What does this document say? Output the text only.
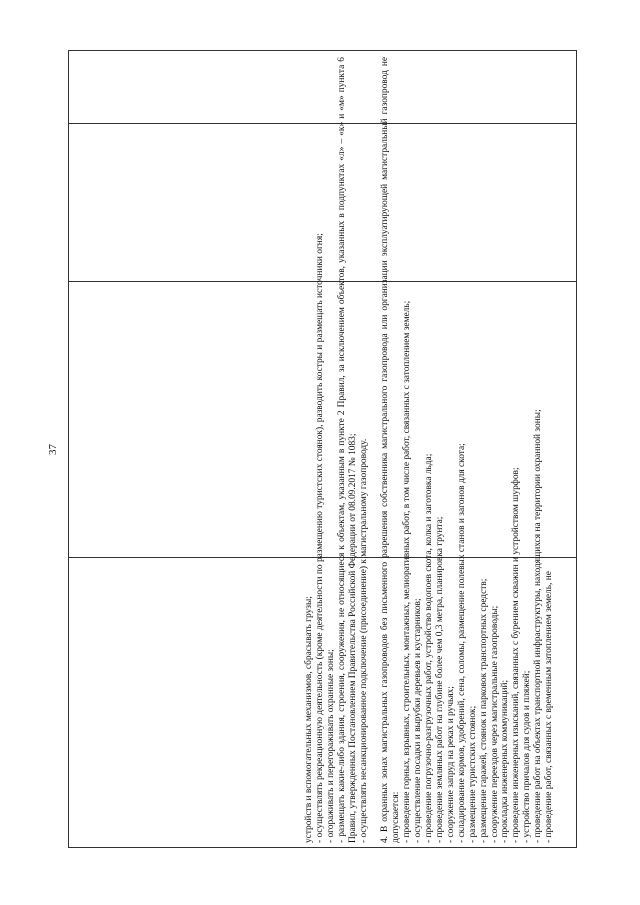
37

устройств и вспомогательных механизмов, сбрасывать грузы; - осуществлять рекреационную деятельность (кроме деятельности по размещению туристских стоянок), разводить костры и размещать источники огня; - огораживать и перегораживать охранные зоны; - размещать какие-либо здания, строения, сооружения, не относящиеся к объектам, указанным в пункте 2 Правил, за исключением объектов, указанных в подпунктах «л» – «к» и «м» пункта 6 Правил, утвержденных Постановлением Правительства Российской Федерации от 08.09.2017 № 1083; - осуществлять несанкционированное подключение (присоединение) к магистральному газопроводу. 4. В охранных зонах магистральных газопроводов без письменного разрешения собственника магистрального газопровода или организации эксплуатирующей магистральный газопровод не допускается: - проведение горных, взрывных, строительных, монтажных, мелиоративных работ, в том числе работ, связанных с затоплением земель; - осуществление посадки и вырубки деревьев и кустарников; - проведение погрузочно-разгрузочных работ, устройство водопоев скота, колка и заготовка льда; - проведение земляных работ на глубине более чем 0,3 метра, планировка грунта; - сооружение запруд на реках и ручьях; - складирование кормов, удобрений, сена, соломы, размещение полевых станов и загонов для скота; - размещение туристских стоянок; - размещение гаражей, стоянок и парковок транспортных средств; - сооружение переездов через магистральные газопроводы; - прокладка инженерных коммуникаций; - проведение инженерных изысканий, связанных с бурением скважин и устройством шурфов; - устройство причалов для судов и пляжей; - проведение работ на объектах транспортной инфраструктуры, находящихся на территории охранной зоны; - проведение работ, связанных с временным затоплением земель, не
